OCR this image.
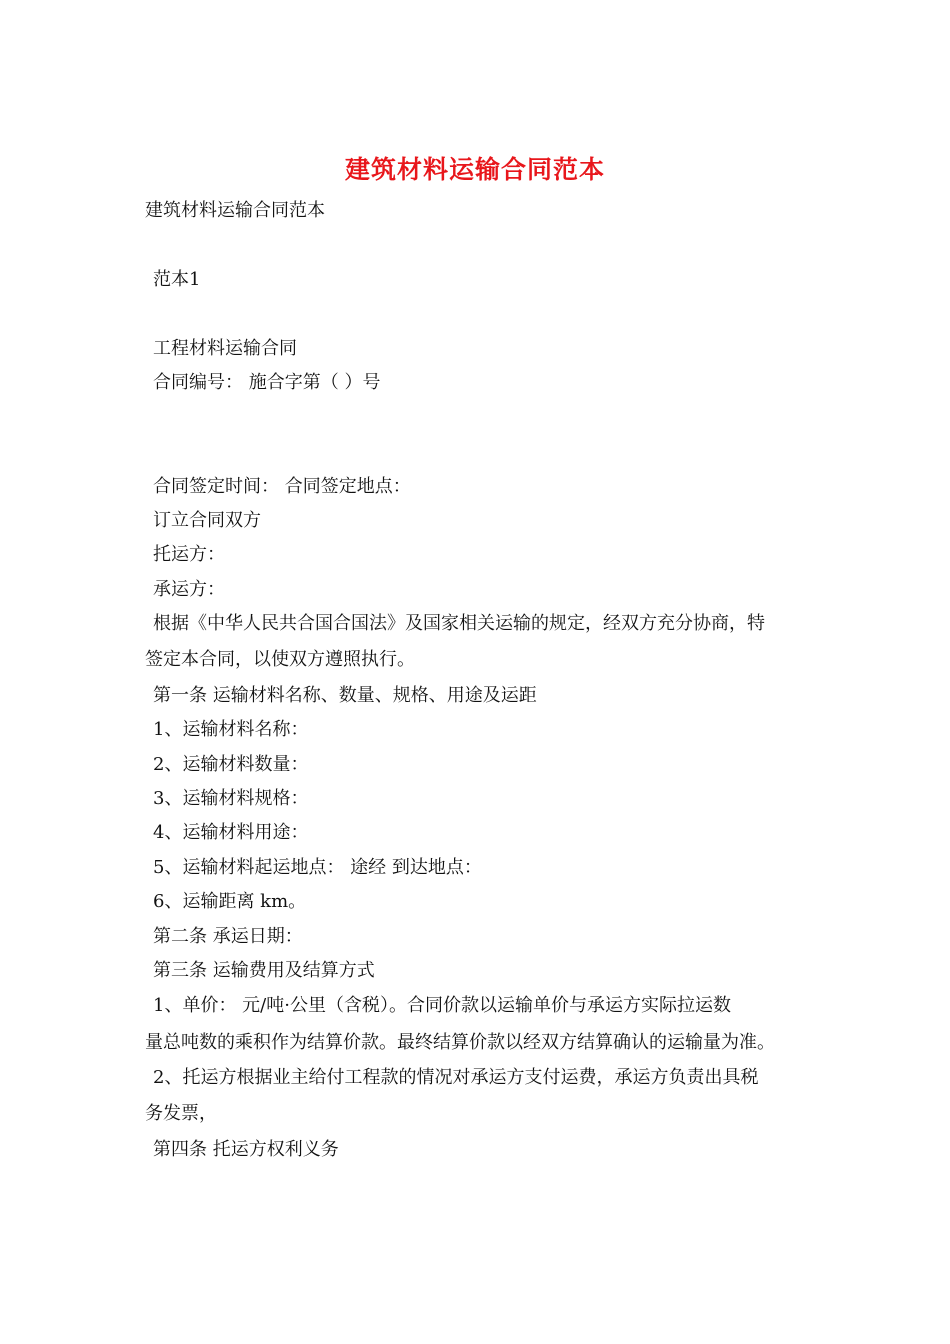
建筑材料运输合同范本
建筑材料运输合同范本
范本1
工程材料运输合同
合同编号： 施合字第（ ）号
合同签定时间： 合同签定地点：
订立合同双方
托运方：
承运方：
根据《中华人民共合国合国法》及国家相关运输的规定，经双方充分协商，特
签定本合同，以使双方遵照执行。
第一条 运输材料名称、数量、规格、用途及运距
1、运输材料名称：
2、运输材料数量：
3、运输材料规格：
4、运输材料用途：
5、运输材料起运地点： 途经 到达地点：
6、运输距离 km。
第二条 承运日期：
第三条 运输费用及结算方式
1、单价： 元/吨·公里（含税）。合同价款以运输单价与承运方实际拉运数
量总吨数的乘积作为结算价款。最终结算价款以经双方结算确认的运输量为准。
2、托运方根据业主给付工程款的情况对承运方支付运费，承运方负责出具税
务发票，
第四条 托运方权利义务
